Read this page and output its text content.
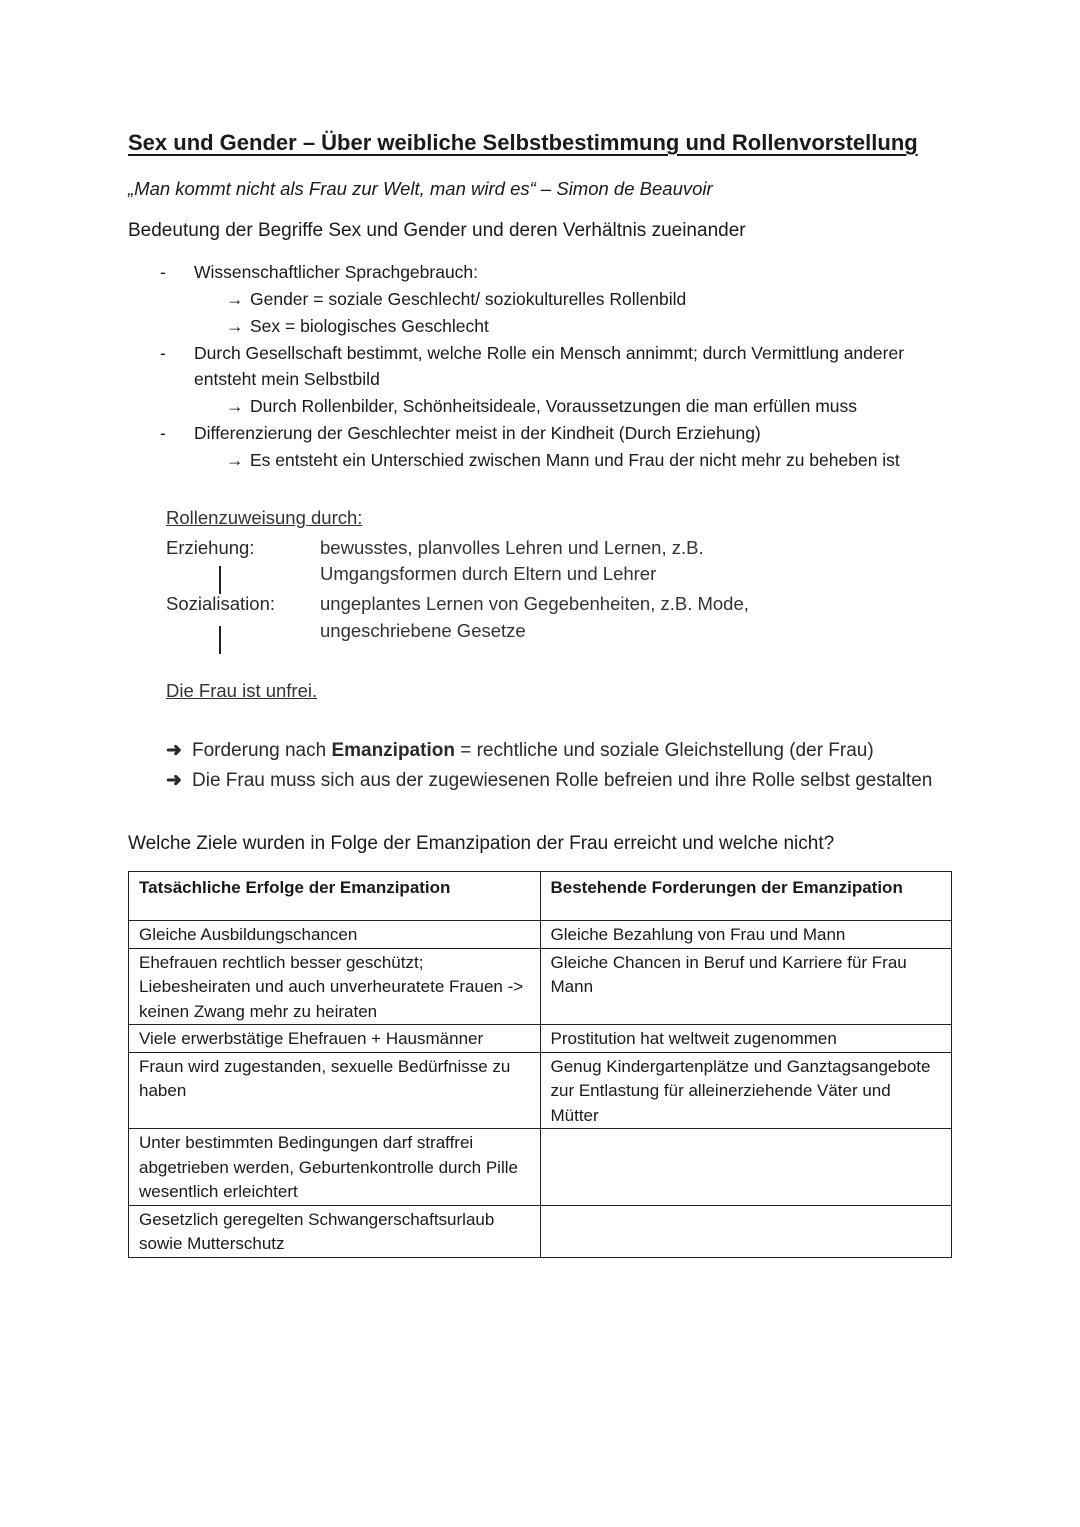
Sex und Gender – Über weibliche Selbstbestimmung und Rollenvorstellung
„Man kommt nicht als Frau zur Welt, man wird es“ – Simon de Beauvoir
Bedeutung der Begriffe Sex und Gender und deren Verhältnis zueinander
- Wissenschaftlicher Sprachgebrauch:
→ Gender = soziale Geschlecht/ soziokulturelles Rollenbild
→ Sex = biologisches Geschlecht
- Durch Gesellschaft bestimmt, welche Rolle ein Mensch annimmt; durch Vermittlung anderer
entsteht mein Selbstbild
→ Durch Rollenbilder, Schönheitsideale, Voraussetzungen die man erfüllen muss
- Differenzierung der Geschlechter meist in der Kindheit (Durch Erziehung)
→ Es entsteht ein Unterschied zwischen Mann und Frau der nicht mehr zu beheben ist
Rollenzuweisung durch:
Erziehung:	bewusstes, planvolles Lehren und Lernen, z.B.
Umgangsformen durch Eltern und Lehrer
Sozialisation: ungeplantes Lernen von Gegebenheiten, z.B. Mode,
ungeschriebene Gesetze
Die Frau ist unfrei.
➜ Forderung nach Emanzipation = rechtliche und soziale Gleichstellung (der Frau)
➜ Die Frau muss sich aus der zugewiesenen Rolle befreien und ihre Rolle selbst gestalten
Welche Ziele wurden in Folge der Emanzipation der Frau erreicht und welche nicht?
Tatsächliche Erfolge der Emanzipation	Bestehende Forderungen der Emanzipation
Gleiche Ausbildungschancen	Gleiche Bezahlung von Frau und Mann
Ehefrauen rechtlich besser geschützt; Liebesheiraten und auch unverheuratete Frauen -> keinen Zwang mehr zu heiraten	Gleiche Chancen in Beruf und Karriere für Frau Mann
Viele erwerbstätige Ehefrauen + Hausmänner	Prostitution hat weltweit zugenommen
Fraun wird zugestanden, sexuelle Bedürfnisse zu haben	Genug Kindergartenplätze und Ganztagsangebote zur Entlastung für alleinerziehende Väter und Mütter
Unter bestimmten Bedingungen darf straffrei abgetrieben werden, Geburtenkontrolle durch Pille wesentlich erleichtert	
Gesetzlich geregelten Schwangerschaftsurlaub sowie Mutterschutz	
